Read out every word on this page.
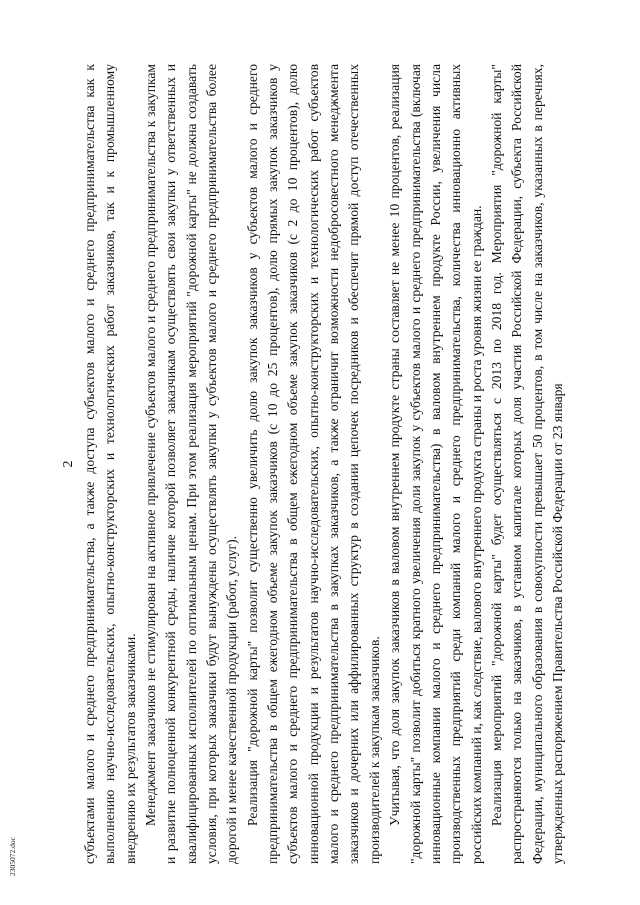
2 субъектами малого и среднего предпринимательства, а также доступа субъектов малого и среднего предпринимательства как к выполнению научно-исследовательских, опытно-конструкторских и технологических работ заказчиков, так и к промышленному внедрению их результатов заказчиками. Менеджмент заказчиков не стимулирован на активное привлечение субъектов малого и среднего предпринимательства к закупкам и развитие полноценной конкурентной среды, наличие которой позволяет заказчикам осуществлять свои закупки у ответственных и квалифицированных исполнителей по оптимальным ценам. При этом реализация мероприятий "дорожной карты" не должна создавать условия, при которых заказчики будут вынуждены осуществлять закупки у субъектов малого и среднего предпринимательства более дорогой и менее качественной продукции (работ, услуг). Реализация "дорожной карты" позволит существенно увеличить долю закупок заказчиков у субъектов малого и среднего предпринимательства в общем ежегодном объеме закупок заказчиков (с 10 до 25 процентов), долю прямых закупок заказчиков у субъектов малого и среднего предпринимательства в общем ежегодном объеме закупок заказчиков (с 2 до 10 процентов), долю инновационной продукции и результатов научно-исследовательских, опытно-конструкторских и технологических работ субъектов малого и среднего предпринимательства в закупках заказчиков, а также ограничит возможности недобросовестного менеджмента заказчиков и дочерних или аффилированных структур в создании цепочек посредников и обеспечит прямой доступ отечественных производителей к закупкам заказчиков. Учитывая, что доля закупок заказчиков в валовом внутреннем продукте страны составляет не менее 10 процентов, реализация "дорожной карты" позволит добиться кратного увеличения доли закупок у субъектов малого и среднего предпринимательства (включая инновационные компании малого и среднего предпринимательства) в валовом внутреннем продукте России, увеличения числа производственных предприятий среди компаний малого и среднего предпринимательства, количества инновационно активных российских компаний и, как следствие, валового внутреннего продукта страны и роста уровня жизни ее граждан. Реализация мероприятий "дорожной карты" будет осуществляться с 2013 по 2018 год. Мероприятия "дорожной карты" распространяются только на заказчиков, в уставном капитале которых доля участия Российской Федерации, субъекта Российской Федерации, муниципального образования в совокупности превышает 50 процентов, в том числе на заказчиков, указанных в перечнях, утвержденных распоряжением Правительства Российской Федерации от 23 января

2305072.doc
